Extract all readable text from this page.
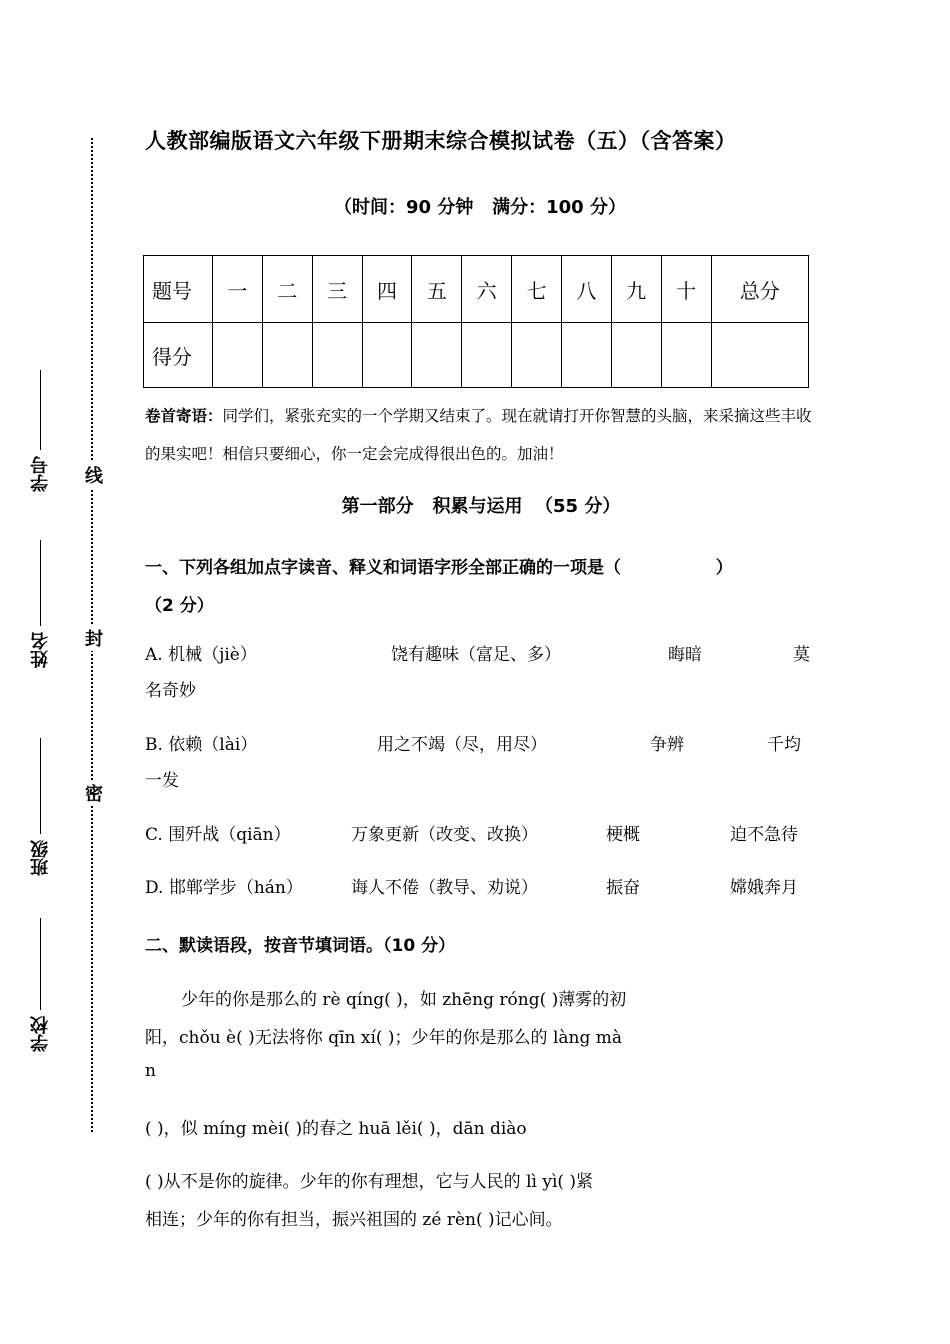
线
封
密
学号
姓名
班级
学校
人教部编版语文六年级下册期末综合模拟试卷（五）（含答案）
（时间：90 分钟   满分：100 分）
题号	一	二	三	四	五	六	七	八	九	十	总分
得分											
卷首寄语：同学们，紧张充实的一个学期又结束了。现在就请打开你智慧的头脑，来采摘这些丰收的果实吧！相信只要细心，你一定会完成得很出色的。加油！
第一部分   积累与运用  （55 分）
一、下列各组加点字读音、释义和词语字形全部正确的一项是（                ）
（2 分）
A. 机械（jiè）	饶有趣味（富足、多）	晦暗	莫
名奇妙
B. 依赖（lài）	用之不竭（尽，用尽）	争辨	千均
一发
C. 围歼战（qiān）	万象更新（改变、改换）	梗概	迫不急待
D. 邯郸学步（hán）	诲人不倦（教导、劝说）	振奋	嫦娥奔月
二、默读语段，按音节填词语。（10 分）
少年的你是那么的 rè qíng( )，如 zhēng róng( )薄雾的初
阳，chǒu è( )无法将你 qīn xí( )；少年的你是那么的 làng mà
n
( )，似 míng mèi( )的春之 huā lěi( )，dān diào
( )从不是你的旋律。少年的你有理想，它与人民的 lì yì( )紧
相连；少年的你有担当，振兴祖国的 zé rèn( )记心间。
